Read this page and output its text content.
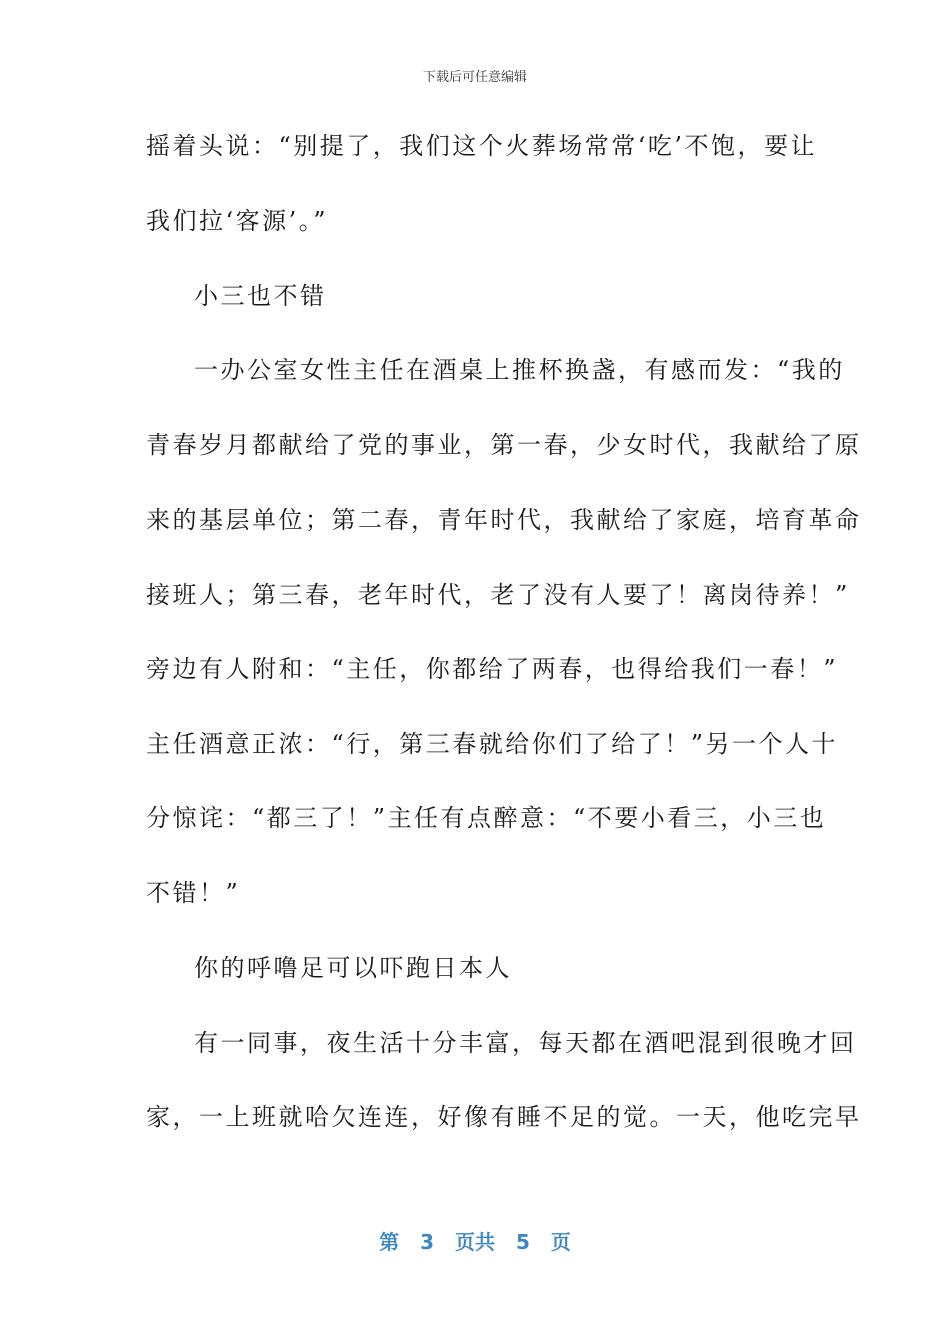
下载后可任意编辑
摇着头说：“别提了，我们这个火葬场常常‘吃’不饱，要让
我们拉‘客源’。”
小三也不错
一办公室女性主任在酒桌上推杯换盏，有感而发：“我的
青春岁月都献给了党的事业，第一春，少女时代，我献给了原
来的基层单位；第二春，青年时代，我献给了家庭，培育革命
接班人；第三春，老年时代，老了没有人要了！离岗待养！”
旁边有人附和：“主任，你都给了两春，也得给我们一春！”
主任酒意正浓：“行，第三春就给你们了给了！”另一个人十
分惊诧：“都三了！”主任有点醉意：“不要小看三，小三也
不错！”
你的呼噜足可以吓跑日本人
有一同事，夜生活十分丰富，每天都在酒吧混到很晚才回
家，一上班就哈欠连连，好像有睡不足的觉。一天，他吃完早
第 3 页共 5 页
